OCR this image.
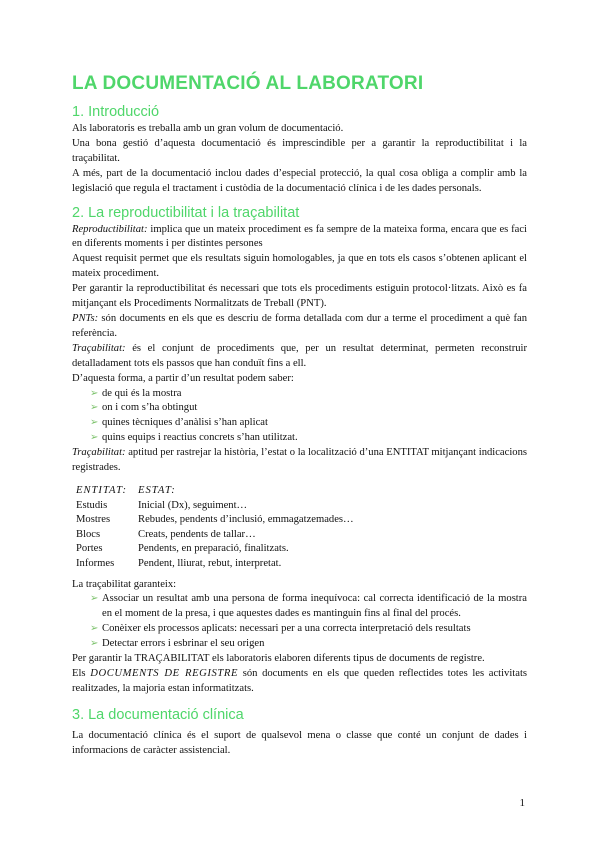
LA DOCUMENTACIÓ AL LABORATORI
1. Introducció

Als laboratoris es treballa amb un gran volum de documentació.

Una bona gestió d’aquesta documentació és imprescindible per a garantir la reproductibilitat i la traçabilitat.

A més, part de la documentació inclou dades d’especial protecció, la qual cosa obliga a complir amb la legislació que regula el tractament i custòdia de la documentació clínica i de les dades personals.

2. La reproductibilitat i la traçabilitat

Reproductibilitat: implica que un mateix procediment es fa sempre de la mateixa forma, encara que es faci en diferents moments i per distintes persones

Aquest requisit permet que els resultats siguin homologables, ja que en tots els casos s’obtenen aplicant el mateix procediment.

Per garantir la reproductibilitat és necessari que tots els procediments estiguin protocol·litzats. Això es fa mitjançant els Procediments Normalitzats de Treball (PNT).

PNTs: són documents en els que es descriu de forma detallada com dur a terme el procediment a què fan referència.

Traçabilitat: és el conjunt de procediments que, per un resultat determinat, permeten reconstruir detalladament tots els passos que han conduït fins a ell.

D’aquesta forma, a partir d’un resultat podem saber:

➢ de qui és la mostra
➢ on i com s’ha obtingut
➢ quines tècniques d’anàlisi s’han aplicat
➢ quins equips i reactius concrets s’han utilitzat.

Traçabilitat: aptitud per rastrejar la història, l’estat o la localització d’una ENTITAT mitjançant indicacions registrades.

ENTITAT:	ESTAT:
Estudis	Inicial (Dx), seguiment…
Mostres	Rebudes, pendents d’inclusió, emmagatzemades…
Blocs	Creats, pendents de tallar…
Portes	Pendents, en preparació, finalitzats.
Informes	Pendent, lliurat, rebut, interpretat.

La traçabilitat garanteix:

➢ Associar un resultat amb una persona de forma inequívoca: cal correcta identificació de la mostra en el moment de la presa, i que aquestes dades es mantinguin fins al final del procés.
➢ Conèixer els processos aplicats: necessari per a una correcta interpretació dels resultats
➢ Detectar errors i esbrinar el seu origen

Per garantir la TRAÇABILITAT els laboratoris elaboren diferents tipus de documents de registre.

Els DOCUMENTS DE REGISTRE són documents en els que queden reflectides totes les activitats realitzades, la majoria estan informatitzats.

3. La documentació clínica

La documentació clínica és el suport de qualsevol mena o classe que conté un conjunt de dades i informacions de caràcter assistencial.

1
